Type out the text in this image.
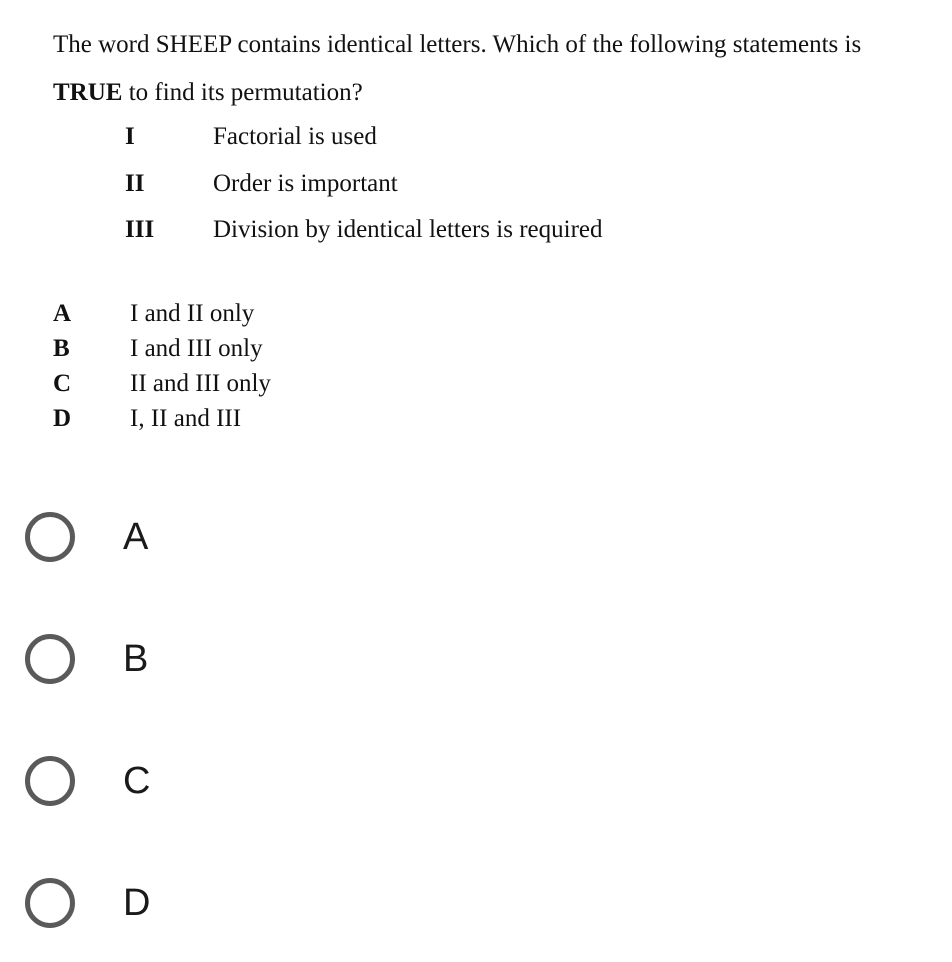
The word SHEEP contains identical letters. Which of the following statements is
TRUE to find its permutation?
I	Factorial is used
II	Order is important
III Division by identical letters is required
A I and II only
B I and III only
C II and III only
D I, II and III
A
B
C
D
